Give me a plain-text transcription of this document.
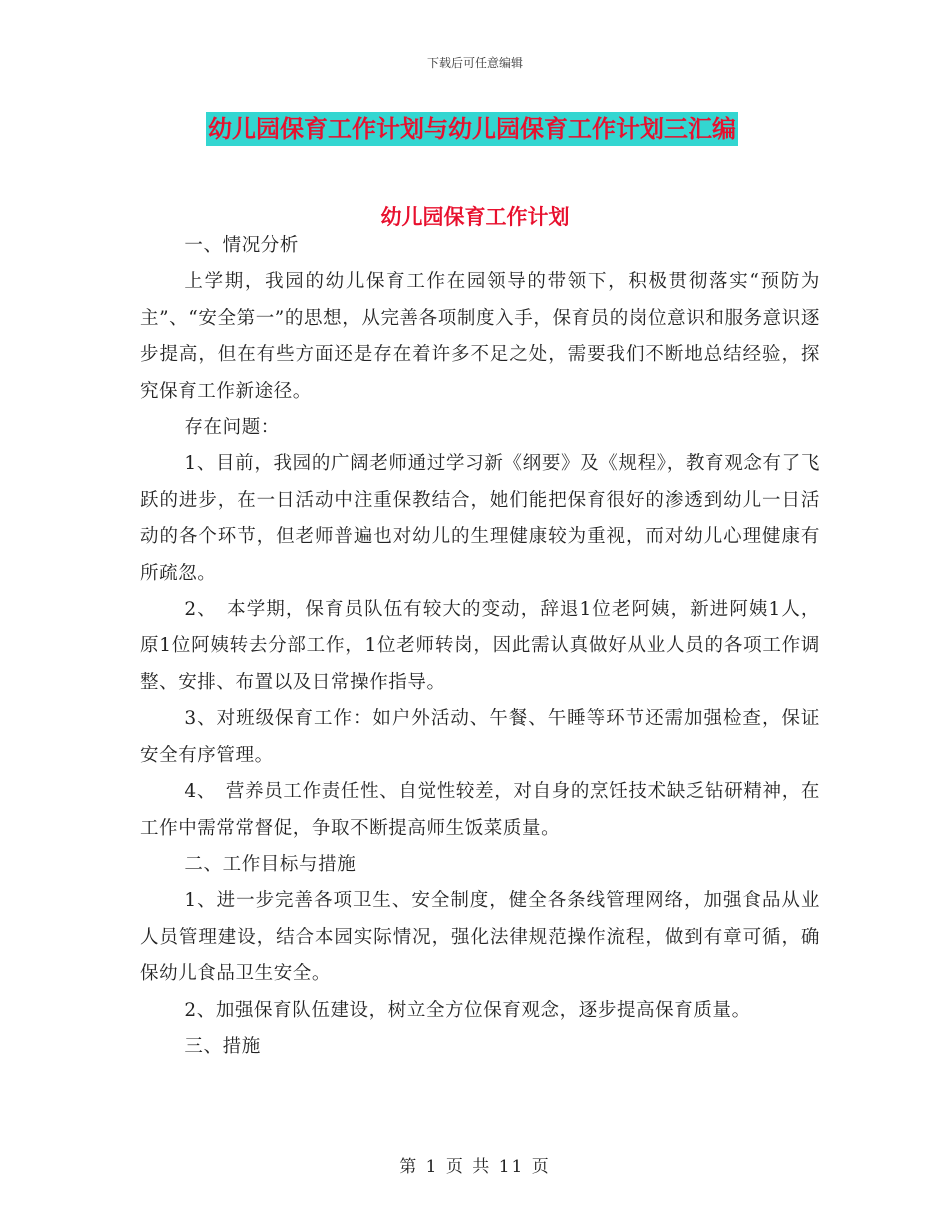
下载后可任意编辑
幼儿园保育工作计划与幼儿园保育工作计划三汇编
幼儿园保育工作计划

一、情况分析

上学期，我园的幼儿保育工作在园领导的带领下，积极贯彻落实“预防为主”、“安全第一”的思想，从完善各项制度入手，保育员的岗位意识和服务意识逐步提高，但在有些方面还是存在着许多不足之处，需要我们不断地总结经验，探究保育工作新途径。

存在问题：

1、目前，我园的广阔老师通过学习新《纲要》及《规程》，教育观念有了飞跃的进步，在一日活动中注重保教结合，她们能把保育很好的渗透到幼儿一日活动的各个环节，但老师普遍也对幼儿的生理健康较为重视，而对幼儿心理健康有所疏忽。

2、　本学期，保育员队伍有较大的变动，辞退1位老阿姨，新进阿姨1人，原1位阿姨转去分部工作，1位老师转岗，因此需认真做好从业人员的各项工作调整、安排、布置以及日常操作指导。

3、对班级保育工作：如户外活动、午餐、午睡等环节还需加强检查，保证安全有序管理。

4、　营养员工作责任性、自觉性较差，对自身的烹饪技术缺乏钻研精神，在工作中需常常督促，争取不断提高师生饭菜质量。

二、工作目标与措施

1、进一步完善各项卫生、安全制度，健全各条线管理网络，加强食品从业人员管理建设，结合本园实际情况，强化法律规范操作流程，做到有章可循，确保幼儿食品卫生安全。

2、加强保育队伍建设，树立全方位保育观念，逐步提高保育质量。

三、措施

第 1 页 共 11 页
